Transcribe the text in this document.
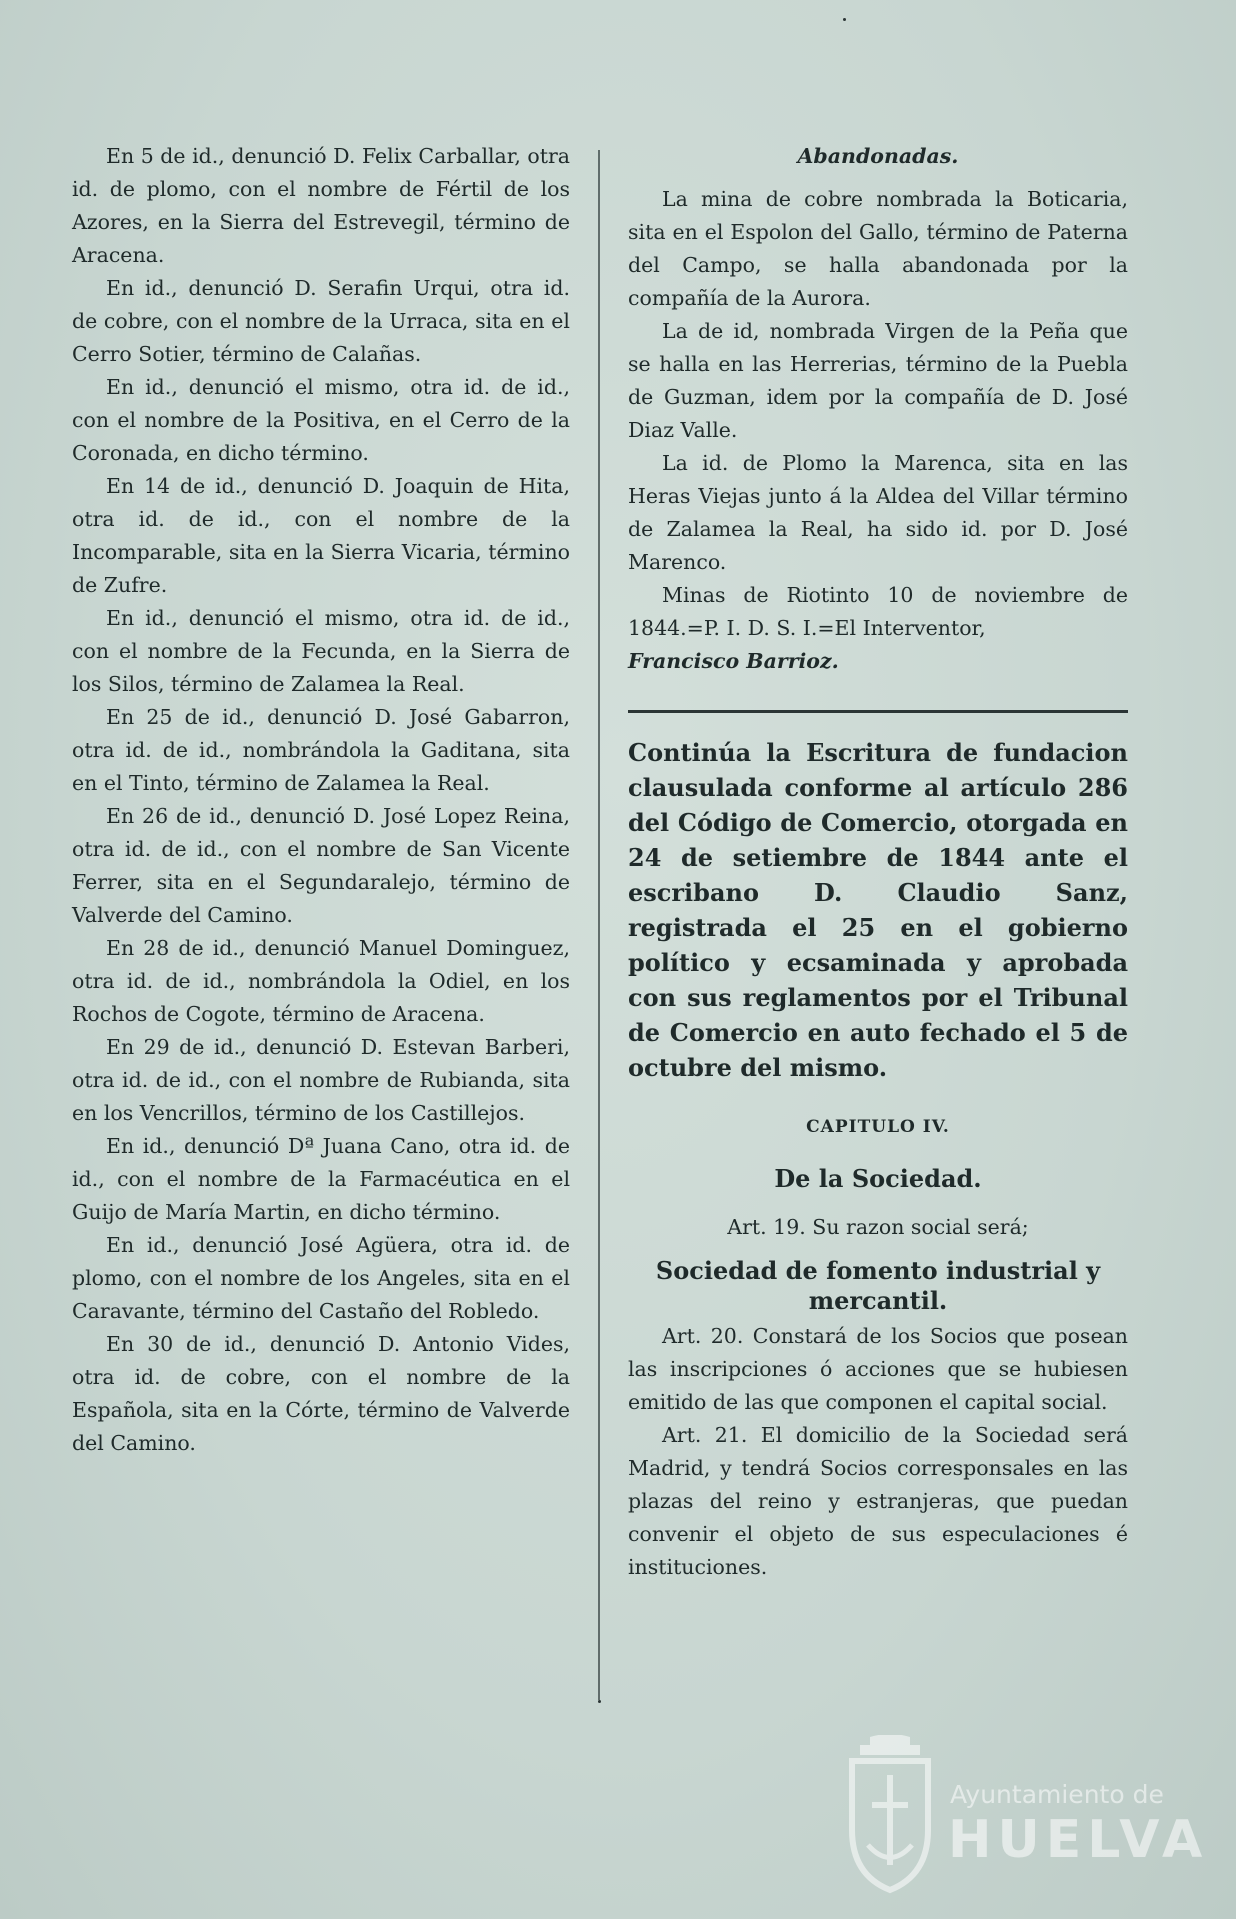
En 5 de id., denunció D. Felix Carballar, otra id. de plomo, con el nombre de Fértil de los Azores, en la Sierra del Estrevegil, término de Aracena.

En id., denunció D. Serafin Urqui, otra id. de cobre, con el nombre de la Urraca, sita en el Cerro Sotier, término de Calañas.

En id., denunció el mismo, otra id. de id., con el nombre de la Positiva, en el Cerro de la Coronada, en dicho término.

En 14 de id., denunció D. Joaquin de Hita, otra id. de id., con el nombre de la Incomparable, sita en la Sierra Vicaria, término de Zufre.

En id., denunció el mismo, otra id. de id., con el nombre de la Fecunda, en la Sierra de los Silos, término de Zalamea la Real.

En 25 de id., denunció D. José Gabarron, otra id. de id., nombrándola la Gaditana, sita en el Tinto, término de Zalamea la Real.

En 26 de id., denunció D. José Lopez Reina, otra id. de id., con el nombre de San Vicente Ferrer, sita en el Segundaralejo, término de Valverde del Camino.

En 28 de id., denunció Manuel Dominguez, otra id. de id., nombrándola la Odiel, en los Rochos de Cogote, término de Aracena.

En 29 de id., denunció D. Estevan Barberi, otra id. de id., con el nombre de Rubianda, sita en los Vencrillos, término de los Castillejos.

En id., denunció Dª Juana Cano, otra id. de id., con el nombre de la Farmacéutica en el Guijo de María Martin, en dicho término.

En id., denunció José Agüera, otra id. de plomo, con el nombre de los Angeles, sita en el Caravante, término del Castaño del Robledo.

En 30 de id., denunció D. Antonio Vides, otra id. de cobre, con el nombre de la Española, sita en la Córte, término de Valverde del Camino.

Abandonadas.

La mina de cobre nombrada la Boticaria, sita en el Espolon del Gallo, término de Paterna del Campo, se halla abandonada por la compañía de la Aurora.

La de id, nombrada Virgen de la Peña que se halla en las Herrerias, término de la Puebla de Guzman, idem por la compañía de D. José Diaz Valle.

La id. de Plomo la Marenca, sita en las Heras Viejas junto á la Aldea del Villar término de Zalamea la Real, ha sido id. por D. José Marenco.

Minas de Riotinto 10 de noviembre de 1844.=P. I. D. S. I.=El Interventor,

Francisco Barrioz.

Continúa la Escritura de fundacion clausulada conforme al artículo 286 del Código de Comercio, otorgada en 24 de setiembre de 1844 ante el escribano D. Claudio Sanz, registrada el 25 en el gobierno político y ecsaminada y aprobada con sus reglamentos por el Tribunal de Comercio en auto fechado el 5 de octubre del mismo.

CAPITULO IV.

De la Sociedad.

Art. 19. Su razon social será;

Sociedad de fomento industrial y mercantil.

Art. 20. Constará de los Socios que posean las inscripciones ó acciones que se hubiesen emitido de las que componen el capital social.

Art. 21. El domicilio de la Sociedad será Madrid, y tendrá Socios corresponsales en las plazas del reino y estranjeras, que puedan convenir el objeto de sus especulaciones é instituciones.

Ayuntamiento de
HUELVA
